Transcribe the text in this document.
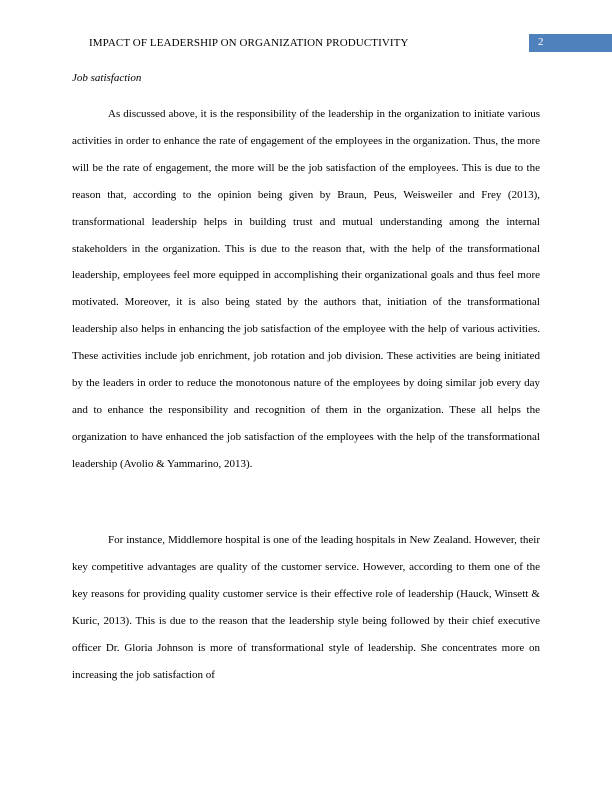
IMPACT OF LEADERSHIP ON ORGANIZATION PRODUCTIVITY	2
Job satisfaction

As discussed above, it is the responsibility of the leadership in the organization to initiate various activities in order to enhance the rate of engagement of the employees in the organization. Thus, the more will be the rate of engagement, the more will be the job satisfaction of the employees. This is due to the reason that, according to the opinion being given by Braun, Peus, Weisweiler and Frey (2013), transformational leadership helps in building trust and mutual understanding among the internal stakeholders in the organization. This is due to the reason that, with the help of the transformational leadership, employees feel more equipped in accomplishing their organizational goals and thus feel more motivated. Moreover, it is also being stated by the authors that, initiation of the transformational leadership also helps in enhancing the job satisfaction of the employee with the help of various activities. These activities include job enrichment, job rotation and job division. These activities are being initiated by the leaders in order to reduce the monotonous nature of the employees by doing similar job every day and to enhance the responsibility and recognition of them in the organization. These all helps the organization to have enhanced the job satisfaction of the employees with the help of the transformational leadership (Avolio & Yammarino, 2013).

For instance, Middlemore hospital is one of the leading hospitals in New Zealand. However, their key competitive advantages are quality of the customer service. However, according to them one of the key reasons for providing quality customer service is their effective role of leadership (Hauck, Winsett & Kuric, 2013). This is due to the reason that the leadership style being followed by their chief executive officer Dr. Gloria Johnson is more of transformational style of leadership. She concentrates more on increasing the job satisfaction of
